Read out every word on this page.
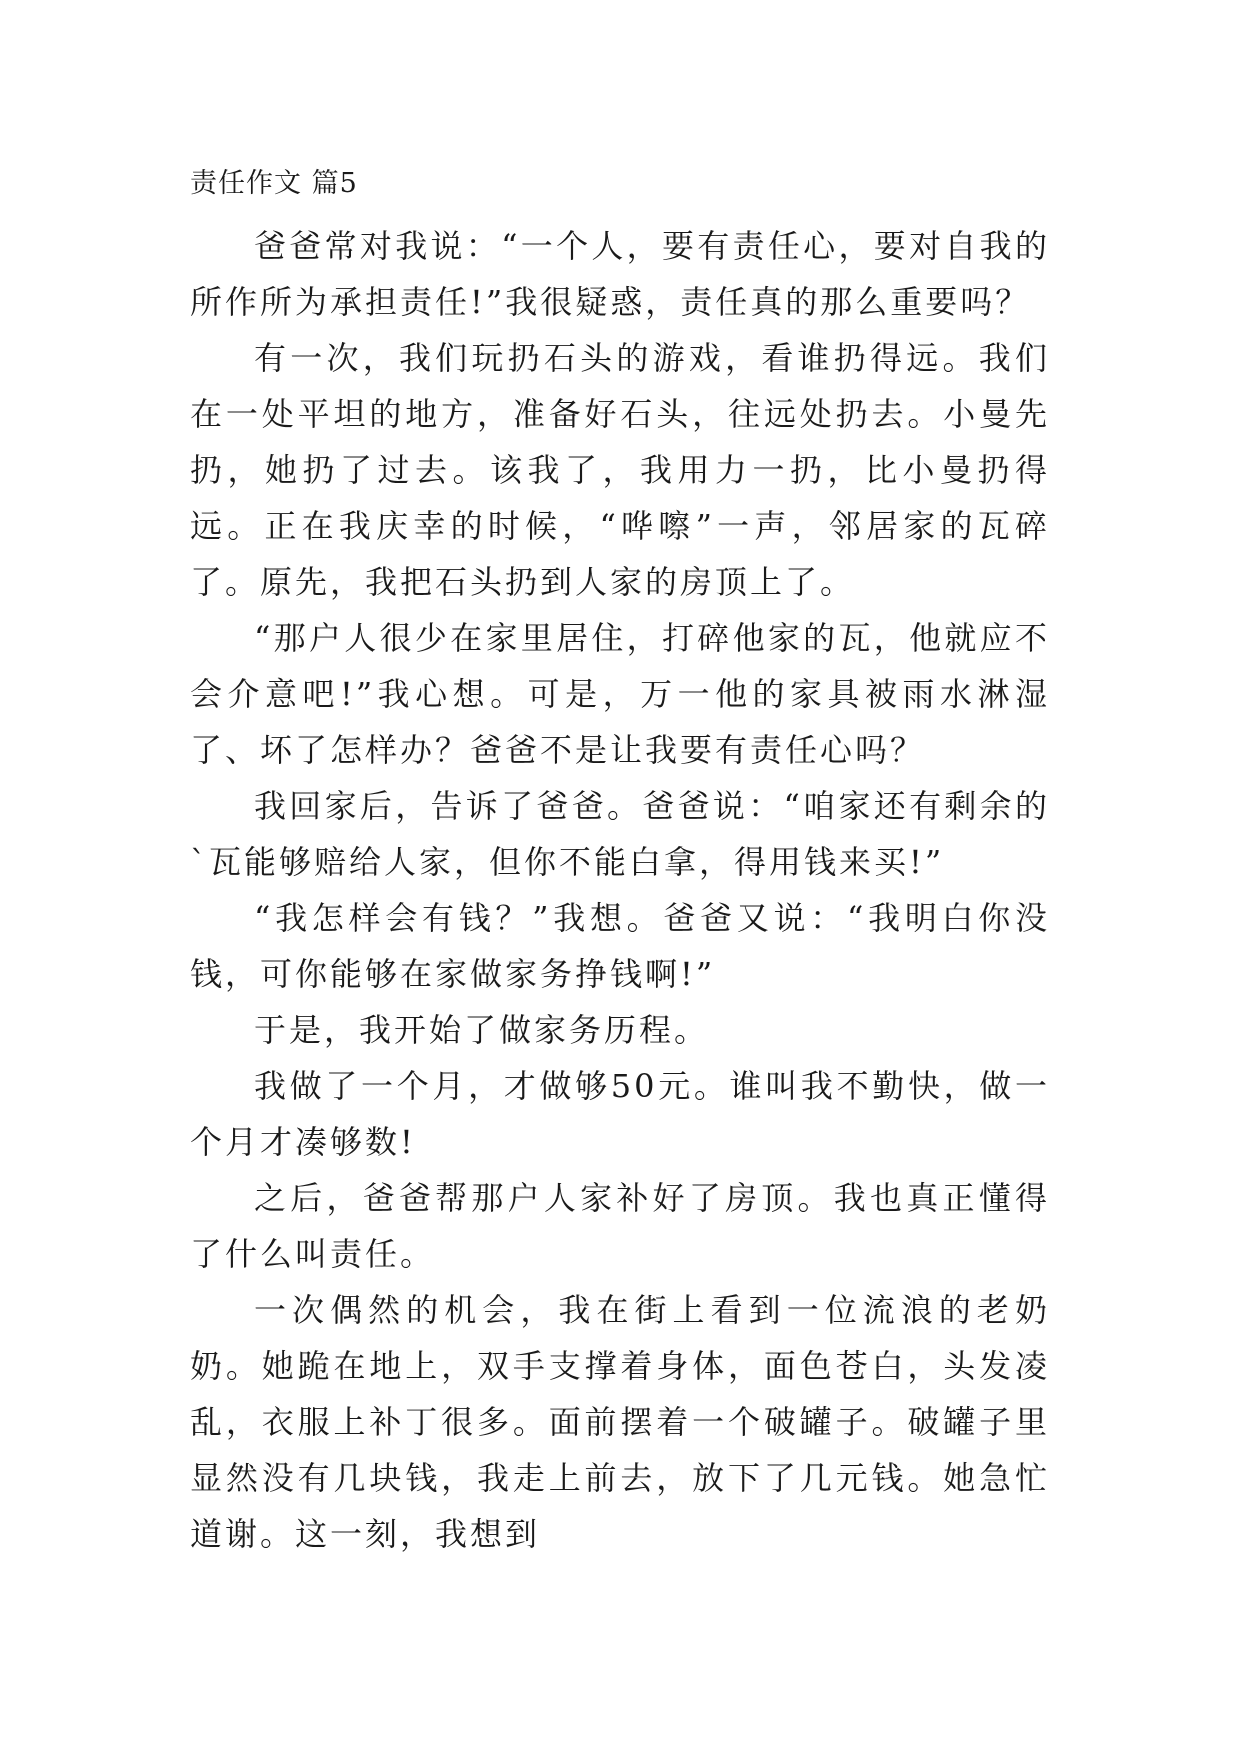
责任作文 篇5

爸爸常对我说：“一个人，要有责任心，要对自我的所作所为承担责任!”我很疑惑，责任真的那么重要吗？

有一次，我们玩扔石头的游戏，看谁扔得远。我们在一处平坦的地方，准备好石头，往远处扔去。小曼先扔，她扔了过去。该我了，我用力一扔，比小曼扔得远。正在我庆幸的时候，“哗嚓”一声，邻居家的瓦碎了。原先，我把石头扔到人家的房顶上了。

“那户人很少在家里居住，打碎他家的瓦，他就应不会介意吧!”我心想。可是，万一他的家具被雨水淋湿了、坏了怎样办？爸爸不是让我要有责任心吗？

我回家后，告诉了爸爸。爸爸说：“咱家还有剩余的`瓦能够赔给人家，但你不能白拿，得用钱来买!”

“我怎样会有钱？”我想。爸爸又说：“我明白你没钱，可你能够在家做家务挣钱啊!”

于是，我开始了做家务历程。

我做了一个月，才做够50元。谁叫我不勤快，做一个月才凑够数!

之后，爸爸帮那户人家补好了房顶。我也真正懂得了什么叫责任。

一次偶然的机会，我在街上看到一位流浪的老奶奶。她跪在地上，双手支撑着身体，面色苍白，头发凌乱，衣服上补丁很多。面前摆着一个破罐子。破罐子里显然没有几块钱，我走上前去，放下了几元钱。她急忙道谢。这一刻，我想到
